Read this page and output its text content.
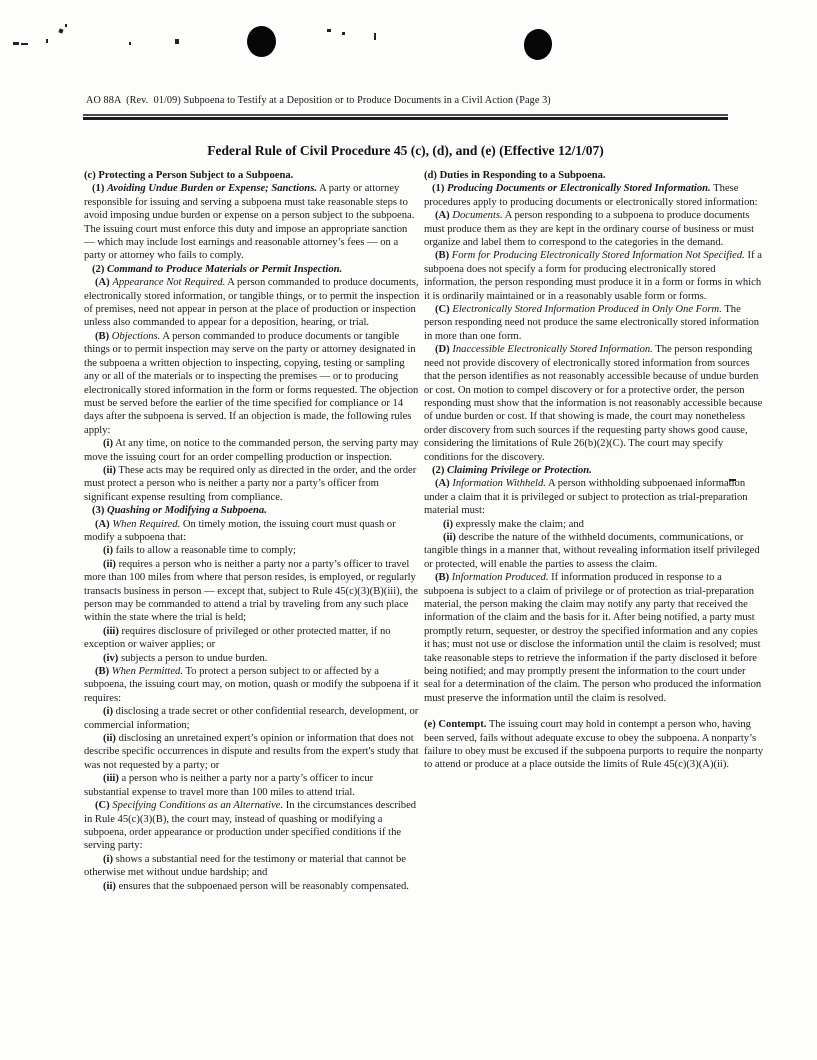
AO 88A  (Rev.  01/09) Subpoena to Testify at a Deposition or to Produce Documents in a Civil Action (Page 3)
Federal Rule of Civil Procedure 45 (c), (d), and (e) (Effective 12/1/07)

(c) Protecting a Person Subject to a Subpoena.

(1) Avoiding Undue Burden or Expense; Sanctions. A party or attorney responsible for issuing and serving a subpoena must take reasonable steps to avoid imposing undue burden or expense on a person subject to the subpoena. The issuing court must enforce this duty and impose an appropriate sanction — which may include lost earnings and reasonable attorney’s fees — on a party or attorney who fails to comply.

(2) Command to Produce Materials or Permit Inspection.

(A) Appearance Not Required. A person commanded to produce documents, electronically stored information, or tangible things, or to permit the inspection of premises, need not appear in person at the place of production or inspection unless also commanded to appear for a deposition, hearing, or trial.

(B) Objections. A person commanded to produce documents or tangible things or to permit inspection may serve on the party or attorney designated in the subpoena a written objection to inspecting, copying, testing or sampling any or all of the materials or to inspecting the premises — or to producing electronically stored information in the form or forms requested. The objection must be served before the earlier of the time specified for compliance or 14 days after the subpoena is served. If an objection is made, the following rules apply:

(i) At any time, on notice to the commanded person, the serving party may move the issuing court for an order compelling production or inspection.

(ii) These acts may be required only as directed in the order, and the order must protect a person who is neither a party nor a party’s officer from significant expense resulting from compliance.

(3) Quashing or Modifying a Subpoena.

(A) When Required. On timely motion, the issuing court must quash or modify a subpoena that:

(i) fails to allow a reasonable time to comply;

(ii) requires a person who is neither a party nor a party’s officer to travel more than 100 miles from where that person resides, is employed, or regularly transacts business in person — except that, subject to Rule 45(c)(3)(B)(iii), the person may be commanded to attend a trial by traveling from any such place within the state where the trial is held;

(iii) requires disclosure of privileged or other protected matter, if no exception or waiver applies; or

(iv) subjects a person to undue burden.

(B) When Permitted. To protect a person subject to or affected by a subpoena, the issuing court may, on motion, quash or modify the subpoena if it requires:

(i) disclosing a trade secret or other confidential research, development, or commercial information;

(ii) disclosing an unretained expert’s opinion or information that does not describe specific occurrences in dispute and results from the expert's study that was not requested by a party; or

(iii) a person who is neither a party nor a party’s officer to incur substantial expense to travel more than 100 miles to attend trial.

(C) Specifying Conditions as an Alternative. In the circumstances described in Rule 45(c)(3)(B), the court may, instead of quashing or modifying a subpoena, order appearance or production under specified conditions if the serving party:

(i) shows a substantial need for the testimony or material that cannot be otherwise met without undue hardship; and

(ii) ensures that the subpoenaed person will be reasonably compensated.

(d) Duties in Responding to a Subpoena.

(1) Producing Documents or Electronically Stored Information. These procedures apply to producing documents or electronically stored information:

(A) Documents. A person responding to a subpoena to produce documents must produce them as they are kept in the ordinary course of business or must organize and label them to correspond to the categories in the demand.

(B) Form for Producing Electronically Stored Information Not Specified. If a subpoena does not specify a form for producing electronically stored information, the person responding must produce it in a form or forms in which it is ordinarily maintained or in a reasonably usable form or forms.

(C) Electronically Stored Information Produced in Only One Form. The person responding need not produce the same electronically stored information in more than one form.

(D) Inaccessible Electronically Stored Information. The person responding need not provide discovery of electronically stored information from sources that the person identifies as not reasonably accessible because of undue burden or cost. On motion to compel discovery or for a protective order, the person responding must show that the information is not reasonably accessible because of undue burden or cost. If that showing is made, the court may nonetheless order discovery from such sources if the requesting party shows good cause, considering the limitations of Rule 26(b)(2)(C). The court may specify conditions for the discovery.

(2) Claiming Privilege or Protection.

(A) Information Withheld. A person withholding subpoenaed information under a claim that it is privileged or subject to protection as trial-preparation material must:

(i) expressly make the claim; and

(ii) describe the nature of the withheld documents, communications, or tangible things in a manner that, without revealing information itself privileged or protected, will enable the parties to assess the claim.

(B) Information Produced. If information produced in response to a subpoena is subject to a claim of privilege or of protection as trial-preparation material, the person making the claim may notify any party that received the information of the claim and the basis for it. After being notified, a party must promptly return, sequester, or destroy the specified information and any copies it has; must not use or disclose the information until the claim is resolved; must take reasonable steps to retrieve the information if the party disclosed it before being notified; and may promptly present the information to the court under seal for a determination of the claim. The person who produced the information must preserve the information until the claim is resolved.

(e) Contempt. The issuing court may hold in contempt a person who, having been served, fails without adequate excuse to obey the subpoena. A nonparty’s failure to obey must be excused if the subpoena purports to require the nonparty to attend or produce at a place outside the limits of Rule 45(c)(3)(A)(ii).
